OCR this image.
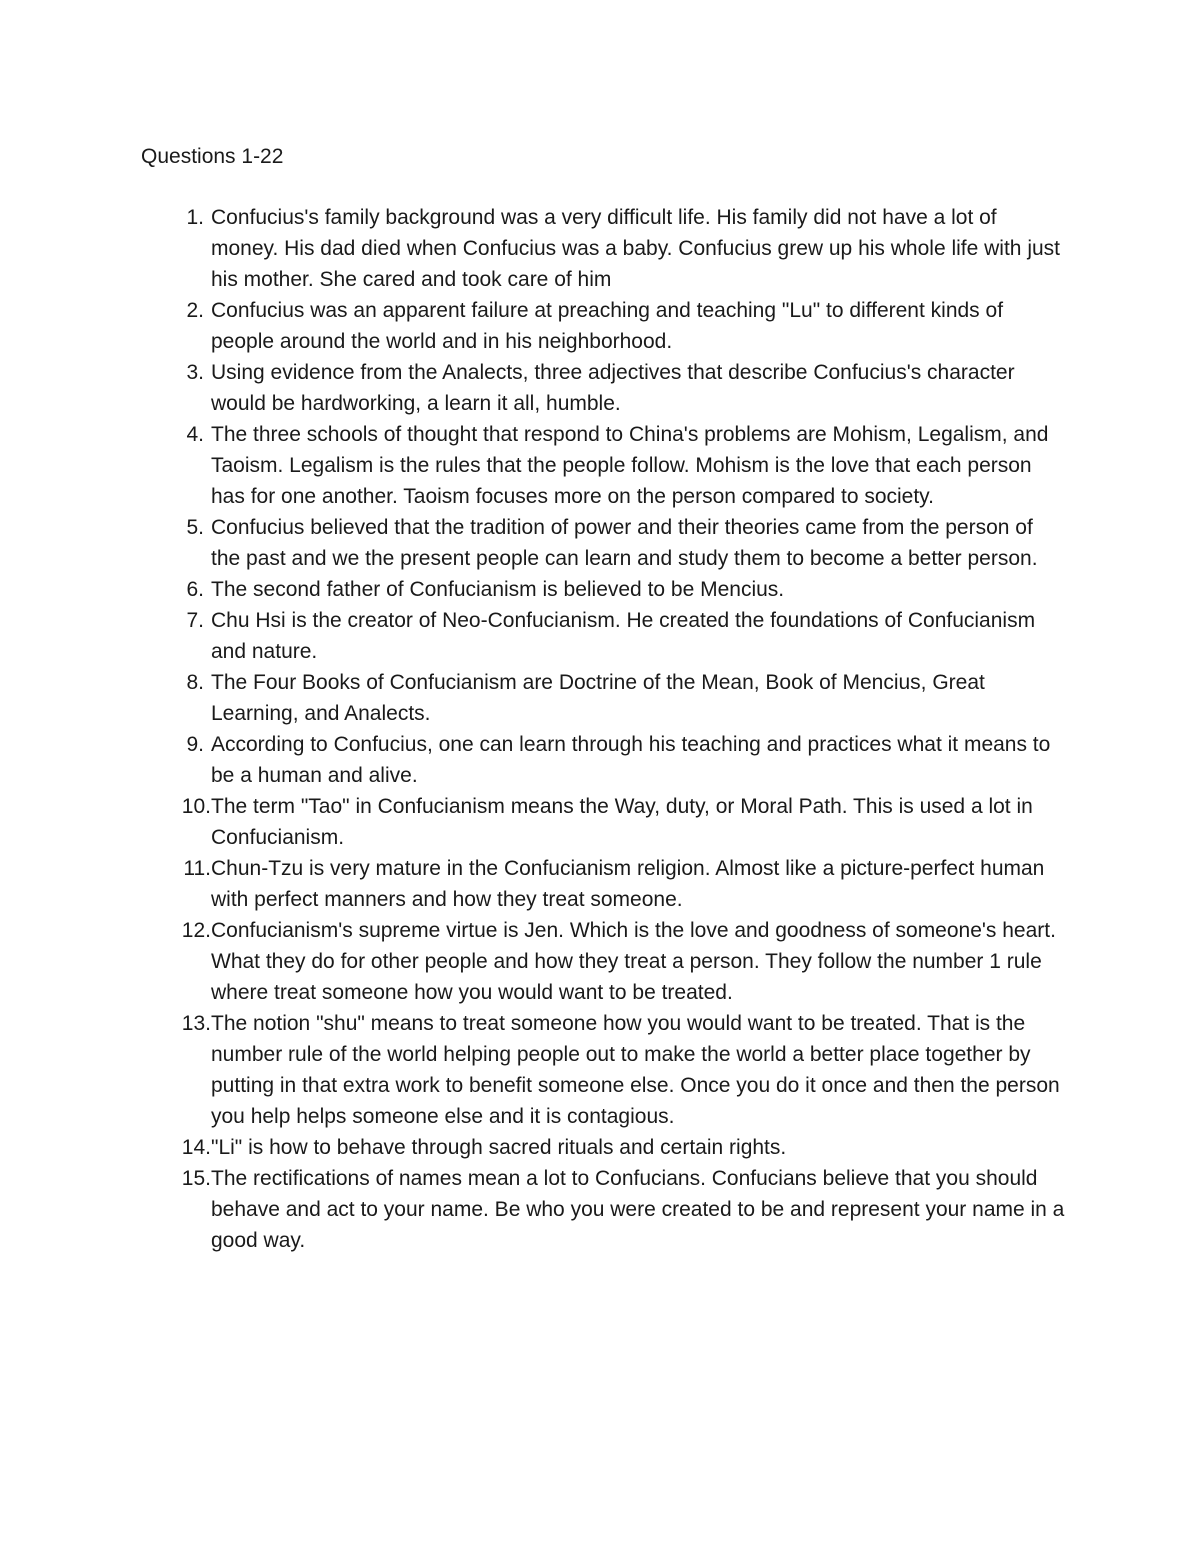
Questions 1-22
1. Confucius's family background was a very difficult life. His family did not have a lot of money. His dad died when Confucius was a baby. Confucius grew up his whole life with just his mother. She cared and took care of him
2. Confucius was an apparent failure at preaching and teaching "Lu" to different kinds of people around the world and in his neighborhood.
3. Using evidence from the Analects, three adjectives that describe Confucius's character would be hardworking, a learn it all, humble.
4. The three schools of thought that respond to China's problems are Mohism, Legalism, and Taoism. Legalism is the rules that the people follow. Mohism is the love that each person has for one another. Taoism focuses more on the person compared to society.
5. Confucius believed that the tradition of power and their theories came from the person of the past and we the present people can learn and study them to become a better person.
6. The second father of Confucianism is believed to be Mencius.
7. Chu Hsi is the creator of Neo-Confucianism. He created the foundations of Confucianism and nature.
8. The Four Books of Confucianism are Doctrine of the Mean, Book of Mencius, Great Learning, and Analects.
9. According to Confucius, one can learn through his teaching and practices what it means to be a human and alive.
10. The term "Tao" in Confucianism means the Way, duty, or Moral Path. This is used a lot in Confucianism.
11. Chun-Tzu is very mature in the Confucianism religion. Almost like a picture-perfect human with perfect manners and how they treat someone.
12. Confucianism's supreme virtue is Jen. Which is the love and goodness of someone's heart. What they do for other people and how they treat a person. They follow the number 1 rule where treat someone how you would want to be treated.
13. The notion "shu" means to treat someone how you would want to be treated. That is the number rule of the world helping people out to make the world a better place together by putting in that extra work to benefit someone else. Once you do it once and then the person you help helps someone else and it is contagious.
14. "Li" is how to behave through sacred rituals and certain rights.
15. The rectifications of names mean a lot to Confucians. Confucians believe that you should behave and act to your name. Be who you were created to be and represent your name in a good way.
